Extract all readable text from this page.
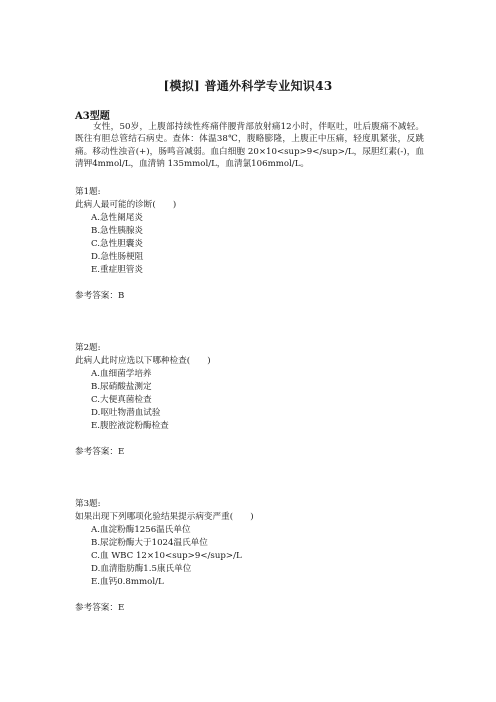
[模拟] 普通外科学专业知识43
A3型题

女性，50岁，上腹部持续性疼痛伴腰背部放射痛12小时，伴呕吐，吐后腹痛不减轻。既往有胆总管结石病史。查体：体温38℃，腹略膨隆，上腹正中压痛，轻度肌紧张，反跳痛。移动性浊音(+)，肠鸣音减弱。血白细胞 20×10<sup>9</sup>/L，尿胆红素(-)，血清钾4mmol/L，血清钠 135mmol/L，血清氯106mmol/L。

第1题:
此病人最可能的诊断(　　)
A.急性阑尾炎
B.急性胰腺炎
C.急性胆囊炎
D.急性肠梗阻
E.重症胆管炎
参考答案：B
第2题:
此病人此时应选以下哪种检查(　　)
A.血细菌学培养
B.尿硝酸盐测定
C.大便真菌检查
D.呕吐物潜血试验
E.腹腔液淀粉酶检查
参考答案：E
第3题:
如果出现下列哪项化验结果提示病变严重(　　)
A.血淀粉酶1256温氏单位
B.尿淀粉酶大于1024温氏单位
C.血 WBC 12×10<sup>9</sup>/L
D.血清脂肪酶1.5康氏单位
E.血钙0.8mmol/L
参考答案：E
